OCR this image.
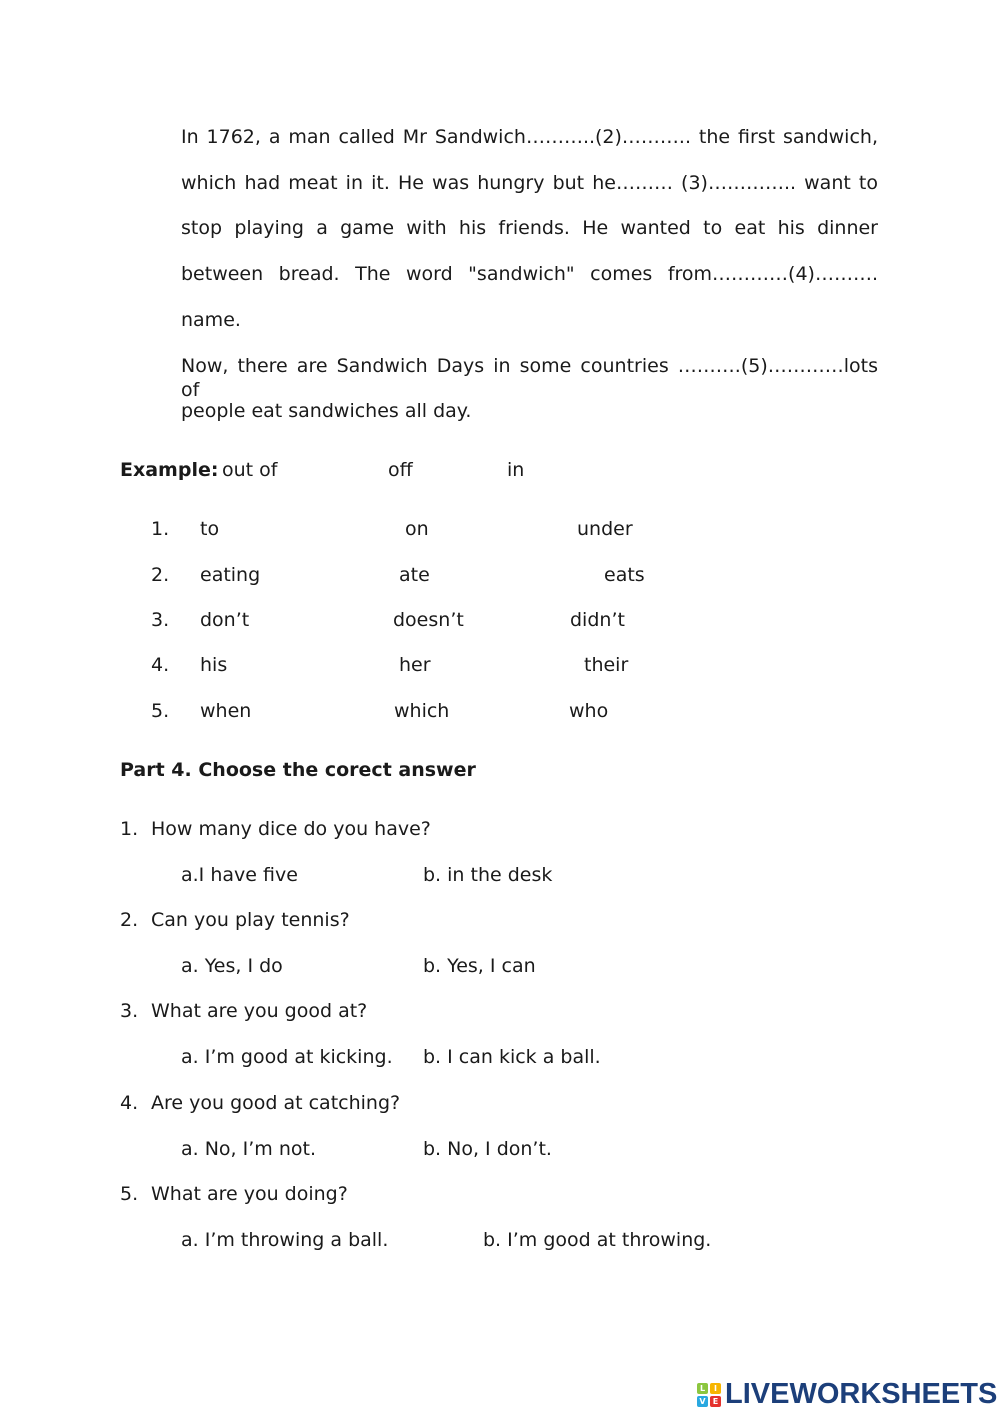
In 1762, a man called Mr Sandwich………..(2)……….. the first sandwich,
which had meat in it. He was hungry but he……… (3)………….. want to
stop playing a game with his friends. He wanted to eat his dinner
between bread. The word "sandwich" comes from…………(4)……….
name.
Now, there are Sandwich Days in some countries ……….(5)…………lots of
people eat sandwiches all day.
Example: out of	off	in
1. to	on	under
2. eating	ate	eats
3. don’t	doesn’t	didn’t
4. his	her	their
5. when	which	who
Part 4. Choose the corect answer
1. How many dice do you have?
a.I have five	b. in the desk
2. Can you play tennis?
a. Yes, I do	b. Yes, I can
3. What are you good at?
a. I’m good at kicking. b. I can kick a ball.
4. Are you good at catching?
a. No, I’m not.	b. No, I don’t.
5. What are you doing?
a. I’m throwing a ball.	b. I’m good at throwing.
L	I
V E LIVEWORKSHEETS
